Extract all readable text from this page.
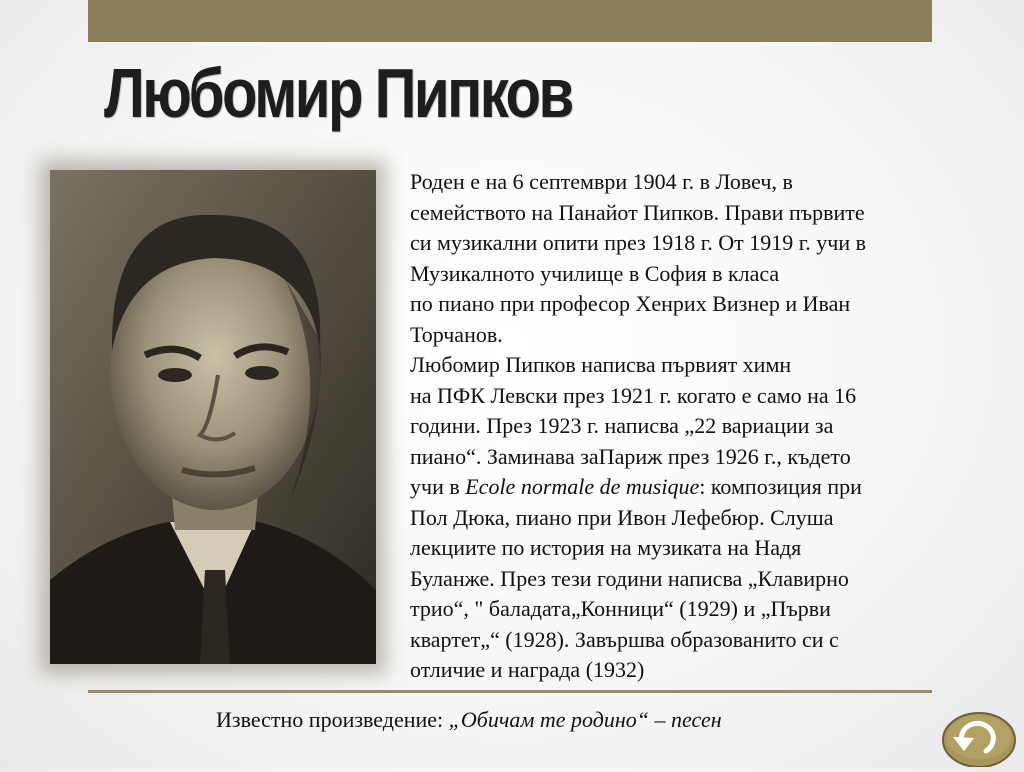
Любомир Пипков

Роден е на 6 септември 1904 г. в Ловеч, в
семейството на Панайот Пипков. Прави първите
си музикални опити през 1918 г. От 1919 г. учи в
Музикалното училище в София в класа
по пиано при професор Хенрих Визнер и Иван
Торчанов.

Любомир Пипков написва първият химн
на ПФК Левски през 1921 г. когато е само на 16
години. През 1923 г. написва „22 вариации за
пиано“. Заминава заПариж през 1926 г., където
учи в Ecole normale de musique: композиция при
Пол Дюка, пиано при Ивон Лефебюр. Слуша
лекциите по история на музиката на Надя
Буланже. През тези години написва „Клавирно
трио“, " баладата„Конници“ (1929) и „Първи
квартет„“ (1928). Завършва образованито си с
отличие и награда (1932)

Известно произведение: „Обичам те родино“ – песен
